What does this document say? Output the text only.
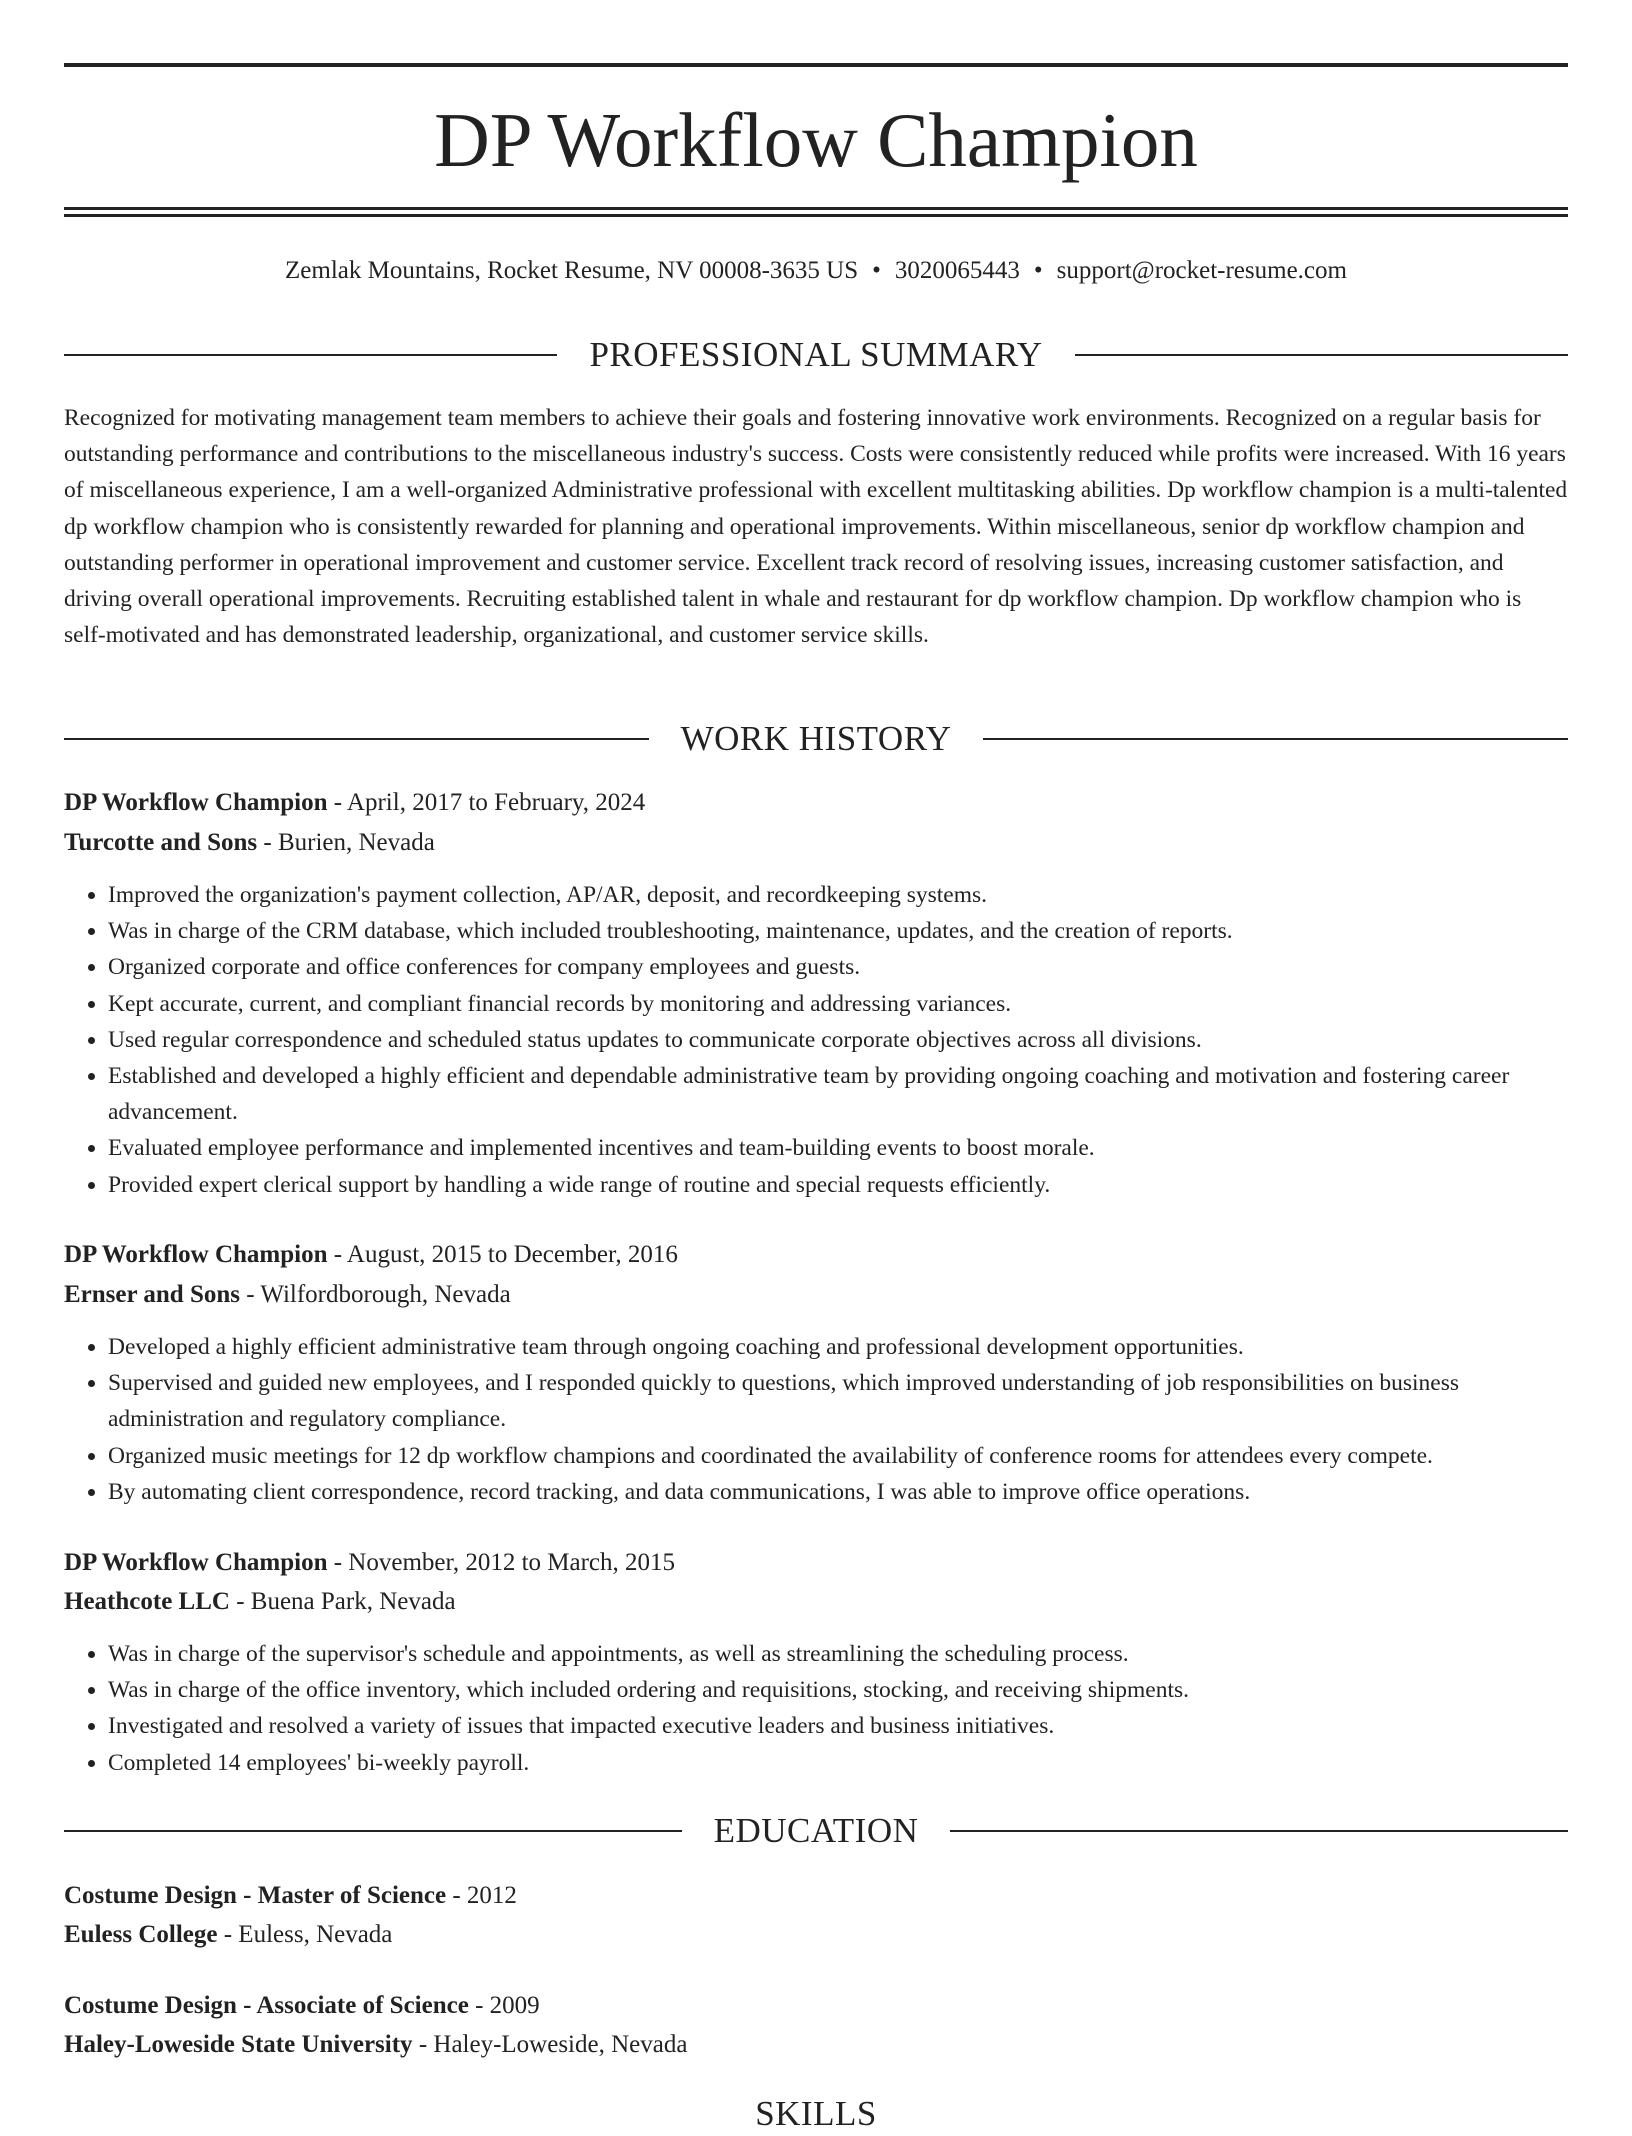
DP Workflow Champion
Zemlak Mountains, Rocket Resume, NV 00008-3635 US • 3020065443 • support@rocket-resume.com
PROFESSIONAL SUMMARY

Recognized for motivating management team members to achieve their goals and fostering innovative work environments. Recognized on a regular basis for outstanding performance and contributions to the miscellaneous industry's success. Costs were consistently reduced while profits were increased. With 16 years of miscellaneous experience, I am a well-organized Administrative professional with excellent multitasking abilities. Dp workflow champion is a multi-talented dp workflow champion who is consistently rewarded for planning and operational improvements. Within miscellaneous, senior dp workflow champion and outstanding performer in operational improvement and customer service. Excellent track record of resolving issues, increasing customer satisfaction, and driving overall operational improvements. Recruiting established talent in whale and restaurant for dp workflow champion. Dp workflow champion who is self-motivated and has demonstrated leadership, organizational, and customer service skills.

WORK HISTORY
DP Workflow Champion - April, 2017 to February, 2024
Turcotte and Sons - Burien, Nevada
• Improved the organization's payment collection, AP/AR, deposit, and recordkeeping systems.
• Was in charge of the CRM database, which included troubleshooting, maintenance, updates, and the creation of reports.
• Organized corporate and office conferences for company employees and guests.
• Kept accurate, current, and compliant financial records by monitoring and addressing variances.
• Used regular correspondence and scheduled status updates to communicate corporate objectives across all divisions.
• Established and developed a highly efficient and dependable administrative team by providing ongoing coaching and motivation and fostering career advancement.
• Evaluated employee performance and implemented incentives and team-building events to boost morale.
• Provided expert clerical support by handling a wide range of routine and special requests efficiently.
DP Workflow Champion - August, 2015 to December, 2016
Ernser and Sons - Wilfordborough, Nevada
• Developed a highly efficient administrative team through ongoing coaching and professional development opportunities.
• Supervised and guided new employees, and I responded quickly to questions, which improved understanding of job responsibilities on business administration and regulatory compliance.
• Organized music meetings for 12 dp workflow champions and coordinated the availability of conference rooms for attendees every compete.
• By automating client correspondence, record tracking, and data communications, I was able to improve office operations.
DP Workflow Champion - November, 2012 to March, 2015
Heathcote LLC - Buena Park, Nevada
• Was in charge of the supervisor's schedule and appointments, as well as streamlining the scheduling process.
• Was in charge of the office inventory, which included ordering and requisitions, stocking, and receiving shipments.
• Investigated and resolved a variety of issues that impacted executive leaders and business initiatives.
• Completed 14 employees' bi-weekly payroll.
EDUCATION
Costume Design - Master of Science - 2012
Euless College - Euless, Nevada
Costume Design - Associate of Science - 2009
Haley-Loweside State University - Haley-Loweside, Nevada
SKILLS
